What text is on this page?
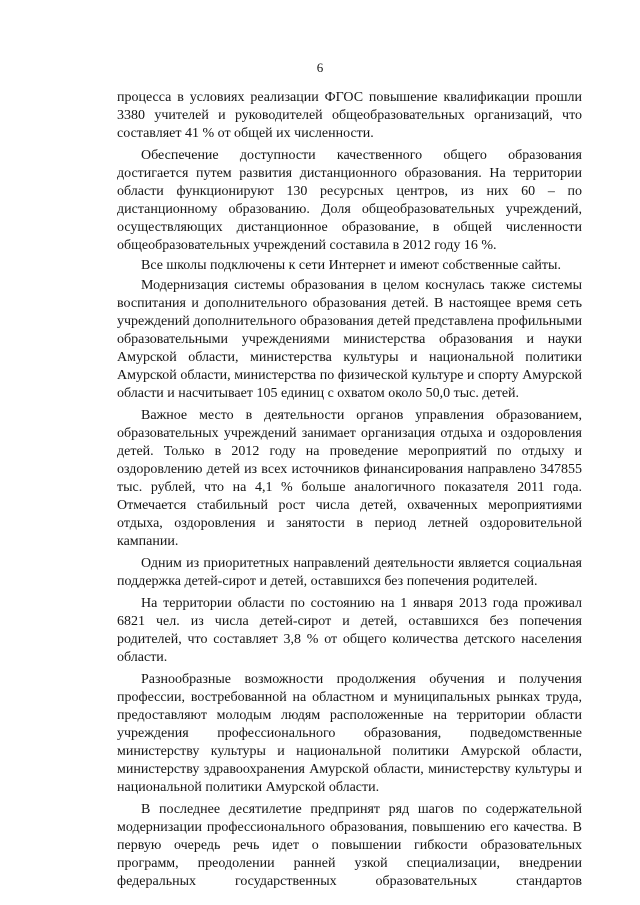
6

процесса в условиях реализации ФГОС повышение квалификации прошли 3380 учителей и руководителей общеобразовательных организаций, что составляет 41 % от общей их численности.

Обеспечение доступности качественного общего образования достигается путем развития дистанционного образования. На территории области функционируют 130 ресурсных центров, из них 60 – по дистанционному образованию. Доля общеобразовательных учреждений, осуществляющих дистанционное образование, в общей численности общеобразовательных учреждений составила в 2012 году 16 %.

Все школы подключены к сети Интернет и имеют собственные сайты.

Модернизация системы образования в целом коснулась также системы воспитания и дополнительного образования детей. В настоящее время сеть учреждений дополнительного образования детей представлена профильными образовательными учреждениями министерства образования и науки Амурской области, министерства культуры и национальной политики Амурской области, министерства по физической культуре и спорту Амурской области и насчитывает 105 единиц с охватом около 50,0 тыс. детей.

Важное место в деятельности органов управления образованием, образовательных учреждений занимает организация отдыха и оздоровления детей. Только в 2012 году на проведение мероприятий по отдыху и оздоровлению детей из всех источников финансирования направлено 347855 тыс. рублей, что на 4,1 % больше аналогичного показателя 2011 года. Отмечается стабильный рост числа детей, охваченных мероприятиями отдыха, оздоровления и занятости в период летней оздоровительной кампании.

Одним из приоритетных направлений деятельности является социальная поддержка детей-сирот и детей, оставшихся без попечения родителей.

На территории области по состоянию на 1 января 2013 года проживал 6821 чел. из числа детей-сирот и детей, оставшихся без попечения родителей, что составляет 3,8 % от общего количества детского населения области.

Разнообразные возможности продолжения обучения и получения профессии, востребованной на областном и муниципальных рынках труда, предоставляют молодым людям расположенные на территории области учреждения профессионального образования, подведомственные министерству культуры и национальной политики Амурской области, министерству здравоохранения Амурской области, министерству культуры и национальной политики Амурской области.

В последнее десятилетие предпринят ряд шагов по содержательной модернизации профессионального образования, повышению его качества. В первую очередь речь идет о повышении гибкости образовательных программ, преодолении ранней узкой специализации, внедрении федеральных государственных образовательных стандартов
